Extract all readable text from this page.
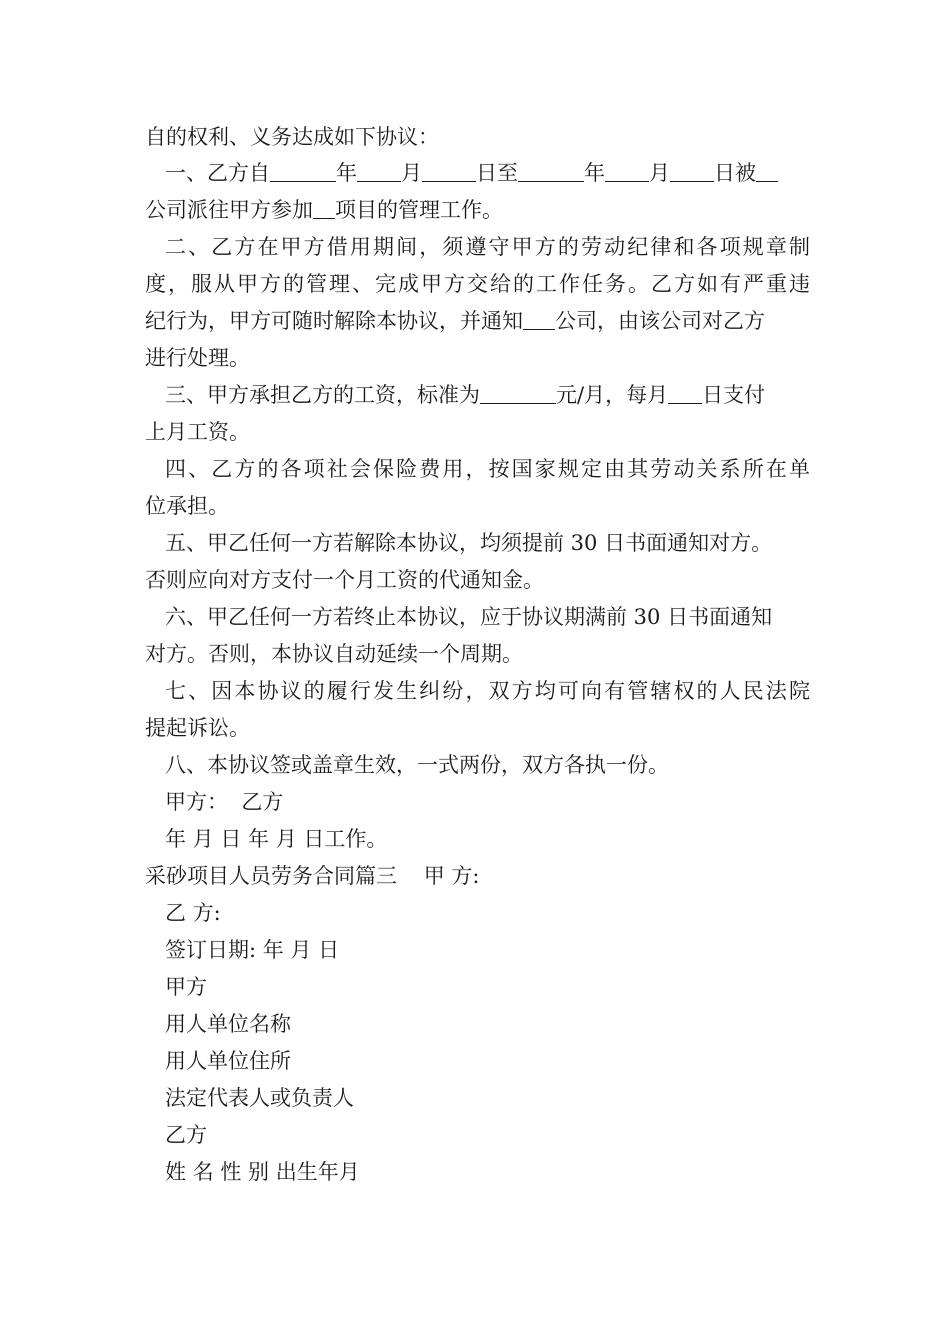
自的权利、义务达成如下协议：
一、乙方自	年 月	日至	年 月 日被
公司派往甲方参加 项目的管理工作。
二、乙方在甲方借用期间，须遵守甲方的劳动纪律和各项规章制
度，服从甲方的管理、完成甲方交给的工作任务。乙方如有严重违
纪行为，甲方可随时解除本协议，并通知 公司，由该公司对乙方
进行处理。
三、甲方承担乙方的工资，标准为	元/月，每月 日支付
上月工资。
四、乙方的各项社会保险费用，按国家规定由其劳动关系所在单
位承担。
五、甲乙任何一方若解除本协议，均须提前 30 日书面通知对方。
否则应向对方支付一个月工资的代通知金。
六、甲乙任何一方若终止本协议，应于协议期满前 30 日书面通知
对方。否则，本协议自动延续一个周期。
七、因本协议的履行发生纠纷，双方均可向有管辖权的人民法院
提起诉讼。
八、本协议签或盖章生效，一式两份，双方各执一份。
甲方：  乙方
年 月 日 年 月 日工作。
采砂项目人员劳务合同篇三    甲 方:
乙 方:
签订日期: 年 月 日
甲方
用人单位名称
用人单位住所
法定代表人或负责人
乙方
姓 名 性 别 出生年月
